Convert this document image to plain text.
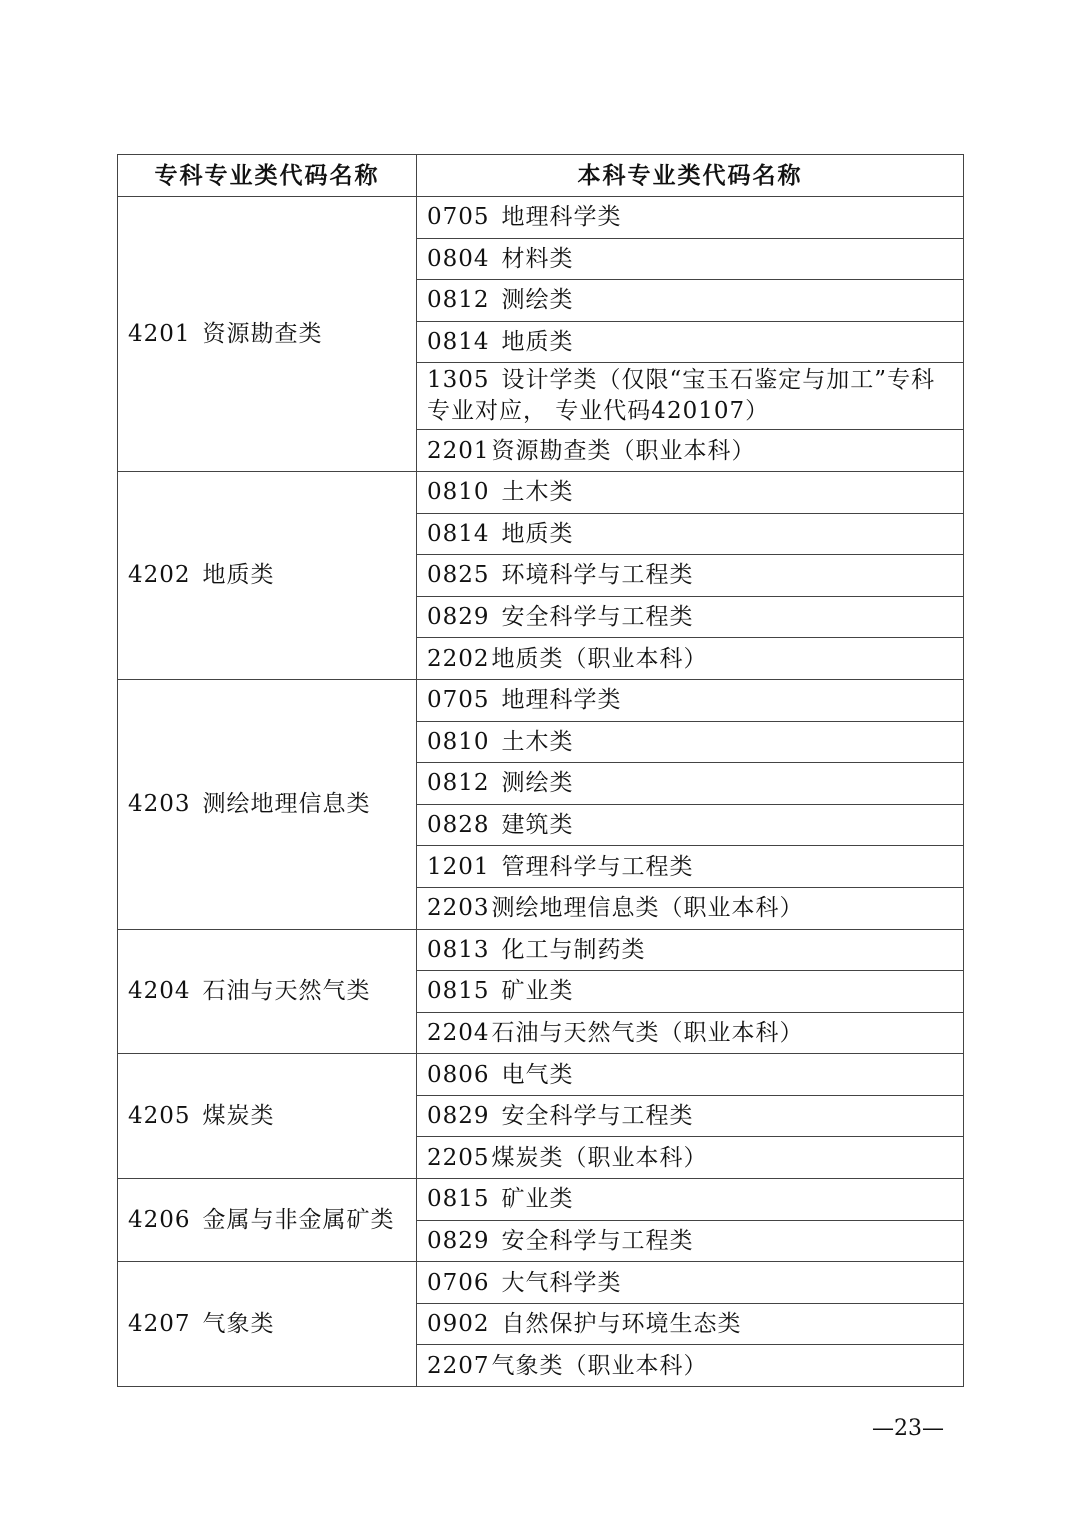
专科专业类代码名称	本科专业类代码名称
4201 资源勘查类	0705 地理科学类
	0804 材料类
	0812 测绘类
	0814 地质类
	1305 设计学类（仅限“宝玉石鉴定与加工”专科专业对应， 专业代码420107）
	2201资源勘查类（职业本科）
4202 地质类	0810 土木类
	0814 地质类
	0825 环境科学与工程类
	0829 安全科学与工程类
	2202地质类（职业本科）
4203 测绘地理信息类	0705 地理科学类
	0810 土木类
	0812 测绘类
	0828 建筑类
	1201 管理科学与工程类
	2203测绘地理信息类（职业本科）
4204 石油与天然气类	0813 化工与制药类
	0815 矿业类
	2204石油与天然气类（职业本科）
4205 煤炭类	0806 电气类
	0829 安全科学与工程类
	2205煤炭类（职业本科）
4206 金属与非金属矿类	0815 矿业类
	0829 安全科学与工程类
4207 气象类	0706 大气科学类
	0902 自然保护与环境生态类
	2207气象类（职业本科）
—23—
